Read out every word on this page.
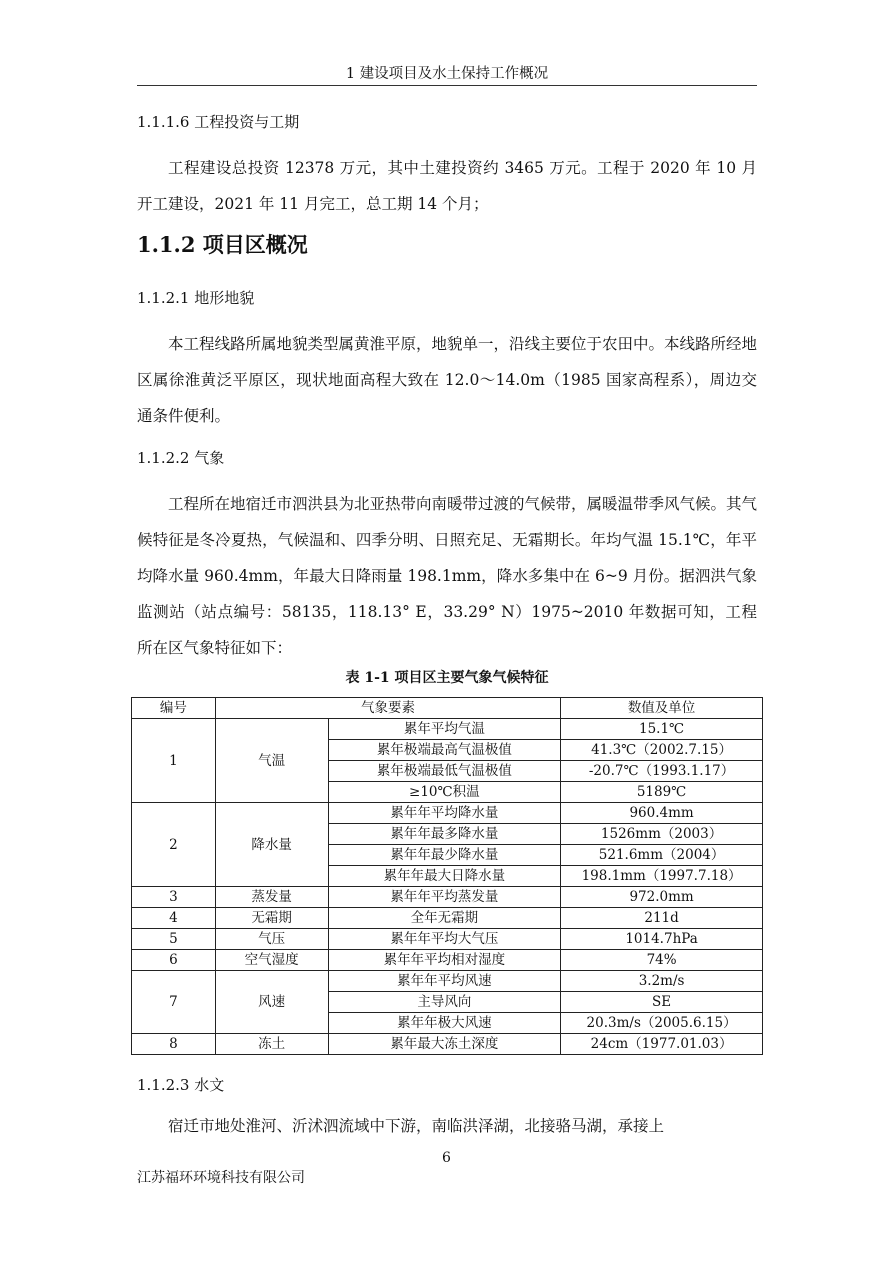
1 建设项目及水土保持工作概况
1.1.1.6 工程投资与工期
工程建设总投资 12378 万元，其中土建投资约 3465 万元。工程于 2020 年 10 月开工建设，2021 年 11 月完工，总工期 14 个月；
1.1.2 项目区概况
1.1.2.1 地形地貌
本工程线路所属地貌类型属黄淮平原，地貌单一，沿线主要位于农田中。本线路所经地区属徐淮黄泛平原区，现状地面高程大致在 12.0～14.0m（1985 国家高程系），周边交通条件便利。
1.1.2.2 气象
工程所在地宿迁市泗洪县为北亚热带向南暖带过渡的气候带，属暖温带季风气候。其气候特征是冬冷夏热，气候温和、四季分明、日照充足、无霜期长。年均气温 15.1℃，年平均降水量 960.4mm，年最大日降雨量 198.1mm，降水多集中在 6~9 月份。据泗洪气象监测站（站点编号：58135，118.13° E，33.29° N）1975~2010 年数据可知，工程所在区气象特征如下：
表 1-1 项目区主要气象气候特征
编号	气象要素		数值及单位
1	气温	累年平均气温	15.1℃
		累年极端最高气温极值	41.3℃（2002.7.15）
		累年极端最低气温极值	-20.7℃（1993.1.17）
		≥10℃积温	5189℃
2	降水量	累年年平均降水量	960.4mm
		累年年最多降水量	1526mm（2003）
		累年年最少降水量	521.6mm（2004）
		累年年最大日降水量	198.1mm（1997.7.18）
3	蒸发量	累年年平均蒸发量	972.0mm
4	无霜期	全年无霜期	211d
5	气压	累年年平均大气压	1014.7hPa
6	空气湿度	累年年平均相对湿度	74%
7	风速	累年年平均风速	3.2m/s
		主导风向	SE
		累年年极大风速	20.3m/s（2005.6.15）
8	冻土	累年最大冻土深度	24cm（1977.01.03）
1.1.2.3 水文
宿迁市地处淮河、沂沭泗流域中下游，南临洪泽湖，北接骆马湖，承接上
6
江苏福环环境科技有限公司
